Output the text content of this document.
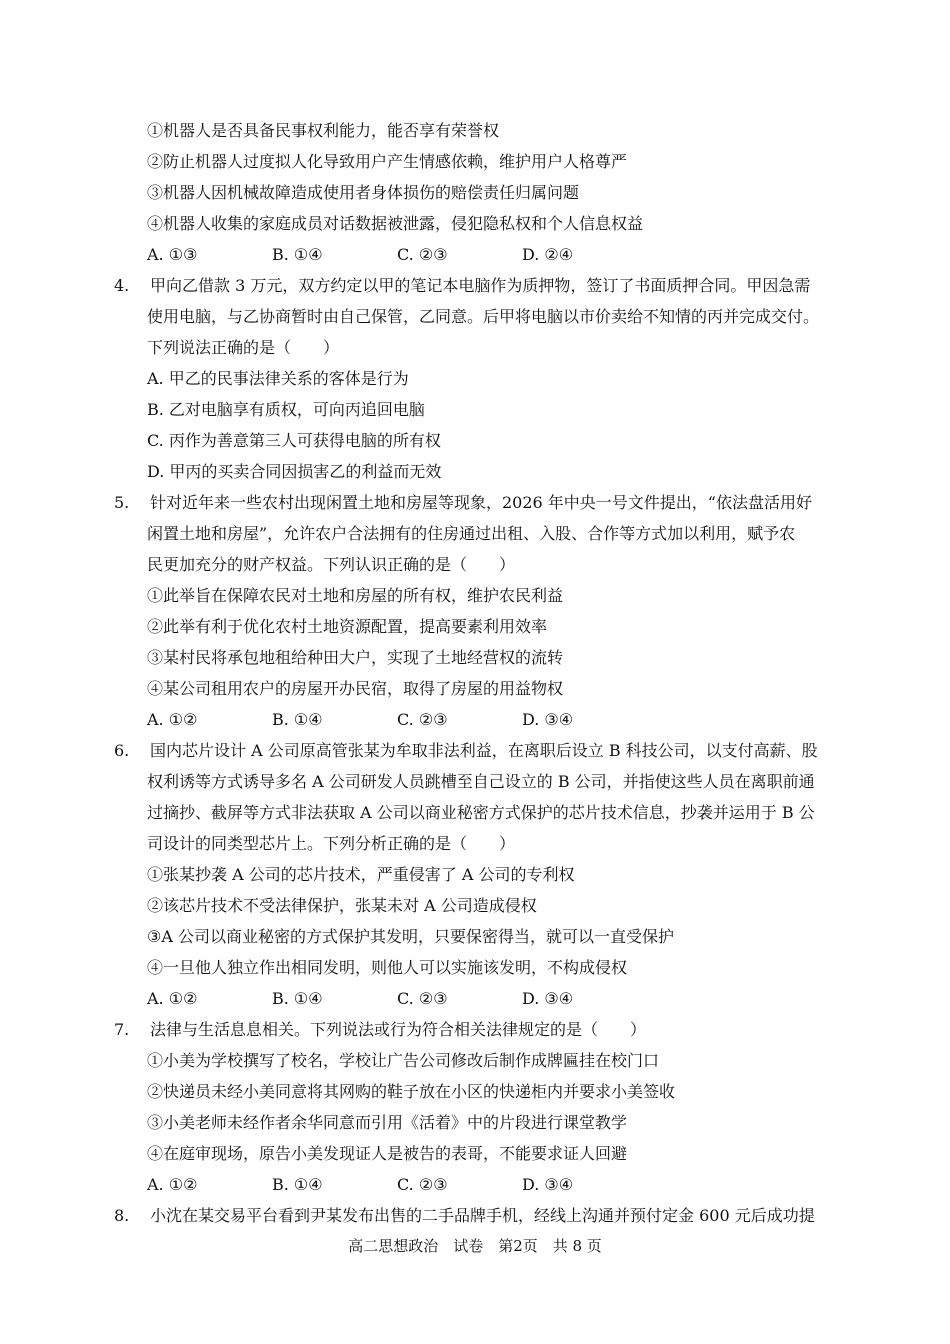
①机器人是否具备民事权利能力，能否享有荣誉权
②防止机器人过度拟人化导致用户产生情感依赖，维护用户人格尊严
③机器人因机械故障造成使用者身体损伤的赔偿责任归属问题
④机器人收集的家庭成员对话数据被泄露，侵犯隐私权和个人信息权益
A. ①③	B. ①④	C. ②③	D. ②④
4.	甲向乙借款 3 万元，双方约定以甲的笔记本电脑作为质押物，签订了书面质押合同。甲因急需
使用电脑，与乙协商暂时由自己保管，乙同意。后甲将电脑以市价卖给不知情的丙并完成交付。
下列说法正确的是（　　）
A. 甲乙的民事法律关系的客体是行为
B. 乙对电脑享有质权，可向丙追回电脑
C. 丙作为善意第三人可获得电脑的所有权
D. 甲丙的买卖合同因损害乙的利益而无效
5.	针对近年来一些农村出现闲置土地和房屋等现象，2026 年中央一号文件提出，“依法盘活用好
闲置土地和房屋”，允许农户合法拥有的住房通过出租、入股、合作等方式加以利用，赋予农
民更加充分的财产权益。下列认识正确的是（　　）
①此举旨在保障农民对土地和房屋的所有权，维护农民利益
②此举有利于优化农村土地资源配置，提高要素利用效率
③某村民将承包地租给种田大户，实现了土地经营权的流转
④某公司租用农户的房屋开办民宿，取得了房屋的用益物权
A. ①②	B. ①④	C. ②③	D. ③④
6.	国内芯片设计 A 公司原高管张某为牟取非法利益，在离职后设立 B 科技公司，以支付高薪、股
权利诱等方式诱导多名 A 公司研发人员跳槽至自己设立的 B 公司，并指使这些人员在离职前通
过摘抄、截屏等方式非法获取 A 公司以商业秘密方式保护的芯片技术信息，抄袭并运用于 B 公
司设计的同类型芯片上。下列分析正确的是（　　）
①张某抄袭 A 公司的芯片技术，严重侵害了 A 公司的专利权
②该芯片技术不受法律保护，张某未对 A 公司造成侵权
③A 公司以商业秘密的方式保护其发明，只要保密得当，就可以一直受保护
④一旦他人独立作出相同发明，则他人可以实施该发明，不构成侵权
A. ①②	B. ①④	C. ②③	D. ③④
7.	法律与生活息息相关。下列说法或行为符合相关法律规定的是（　　）
①小美为学校撰写了校名，学校让广告公司修改后制作成牌匾挂在校门口
②快递员未经小美同意将其网购的鞋子放在小区的快递柜内并要求小美签收
③小美老师未经作者余华同意而引用《活着》中的片段进行课堂教学
④在庭审现场，原告小美发现证人是被告的表哥，不能要求证人回避
A. ①②	B. ①④	C. ②③	D. ③④
8.	小沈在某交易平台看到尹某发布出售的二手品牌手机，经线上沟通并预付定金 600 元后成功提
高二思想政治　试卷　第2页　共 8 页
